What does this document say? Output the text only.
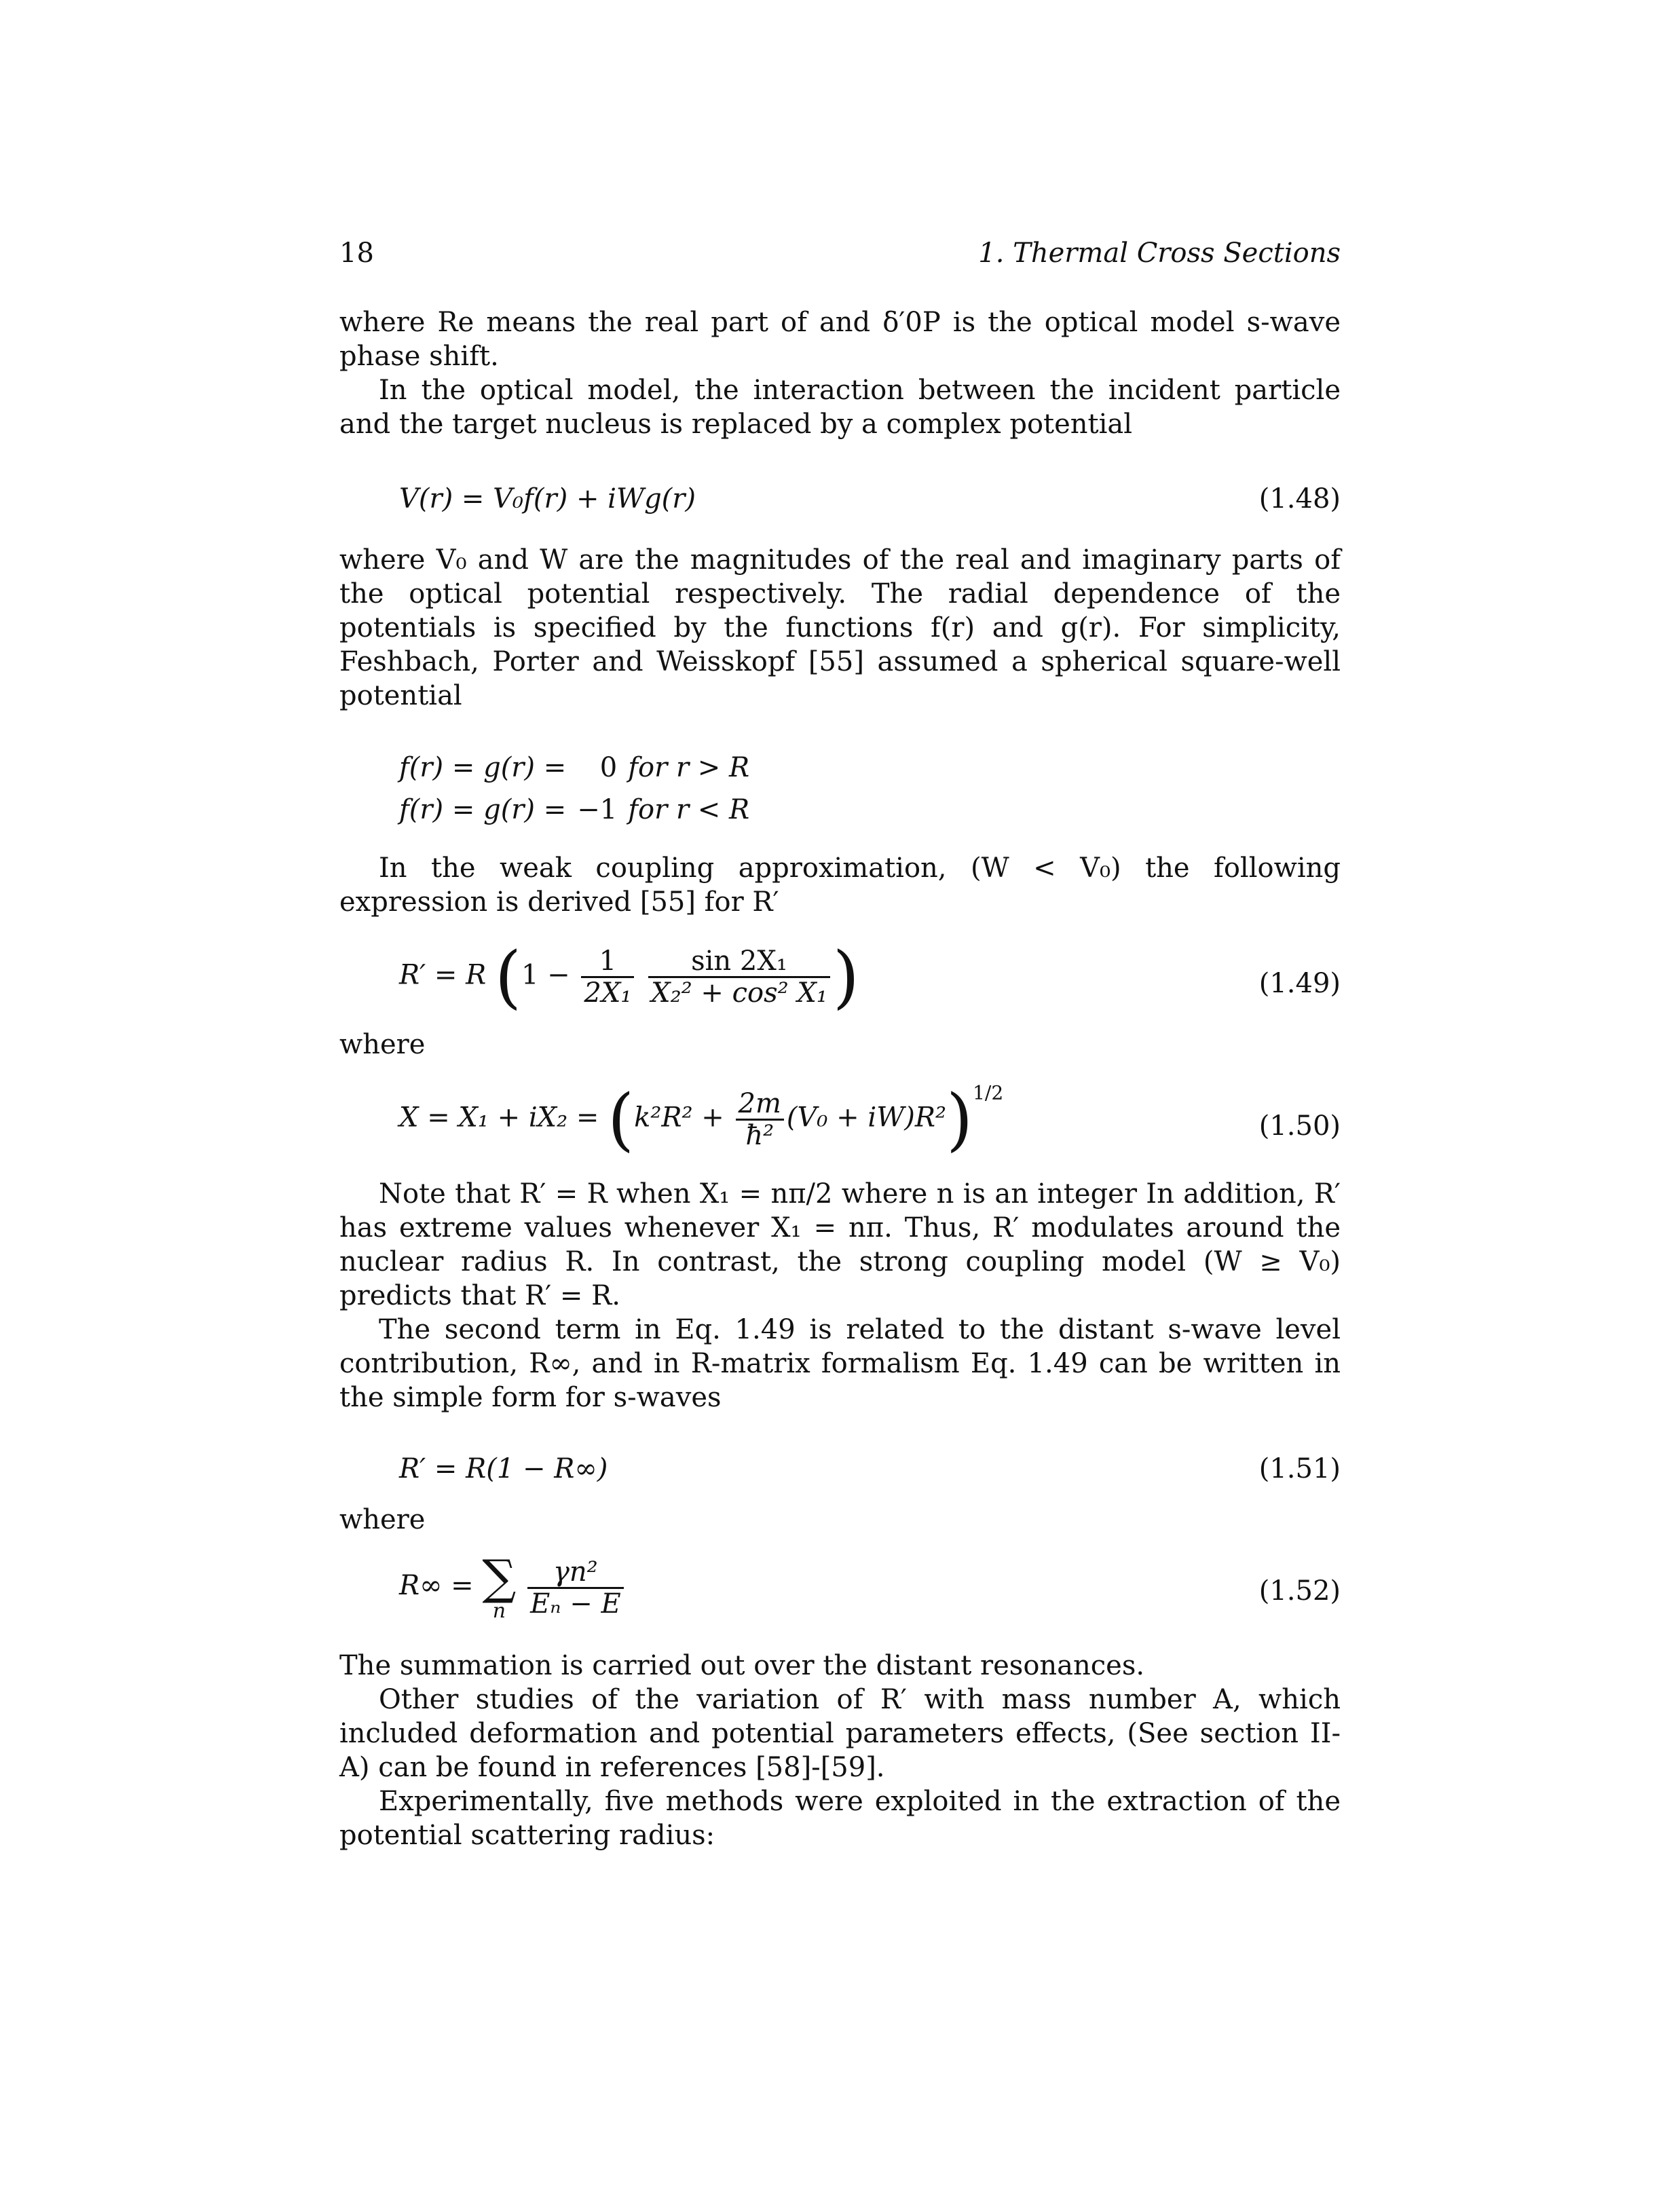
18	1. Thermal Cross Sections

where Re means the real part of and δ′0P is the optical model s-wave phase shift.

In the optical model, the interaction between the incident particle and the target nucleus is replaced by a complex potential

V(r) = V₀f(r) + iWg(r)	(1.48)

where V₀ and W are the magnitudes of the real and imaginary parts of the optical potential respectively. The radial dependence of the potentials is specified by the functions f(r) and g(r). For simplicity, Feshbach, Porter and Weisskopf [55] assumed a spherical square-well potential

f(r) = g(r) =	0	for r > R
f(r) = g(r) =	−1	for r < R

In the weak coupling approximation, (W < V₀) the following expression is derived [55] for R′

R′ = R ($1 - \frac{1}{\text{2X₁}}$
$\frac{\text{sin 2X₁}}{\text{X₂² + cos² X₁}}$ )	(1.49)

where

$X = X_1 + iX_2 = (k^2R^2 + \frac{2m}{\text{ħ²}} (V_0 + iW)R^2)^{1/2}$
(1.50)

Note that R′ = R when X₁ = nπ/2 where n is an integer In addition, R′ has extreme values whenever X₁ = nπ. Thus, R′ modulates around the nuclear radius R. In contrast, the strong coupling model (W ≥ V₀) predicts that R′ = R.

The second term in Eq. 1.49 is related to the distant s-wave level contribution, R∞, and in R-matrix formalism Eq. 1.49 can be written in the simple form for s-waves

R′ = R(1 − R∞)	(1.51)

where

R∞ = ∑
n
$\frac{\text{γn²}}{\text{Eₙ − E}}$	(1.52)

The summation is carried out over the distant resonances.

Other studies of the variation of R′ with mass number A, which included deformation and potential parameters effects, (See section II-A) can be found in references [58]-[59].

Experimentally, five methods were exploited in the extraction of the potential scattering radius:
